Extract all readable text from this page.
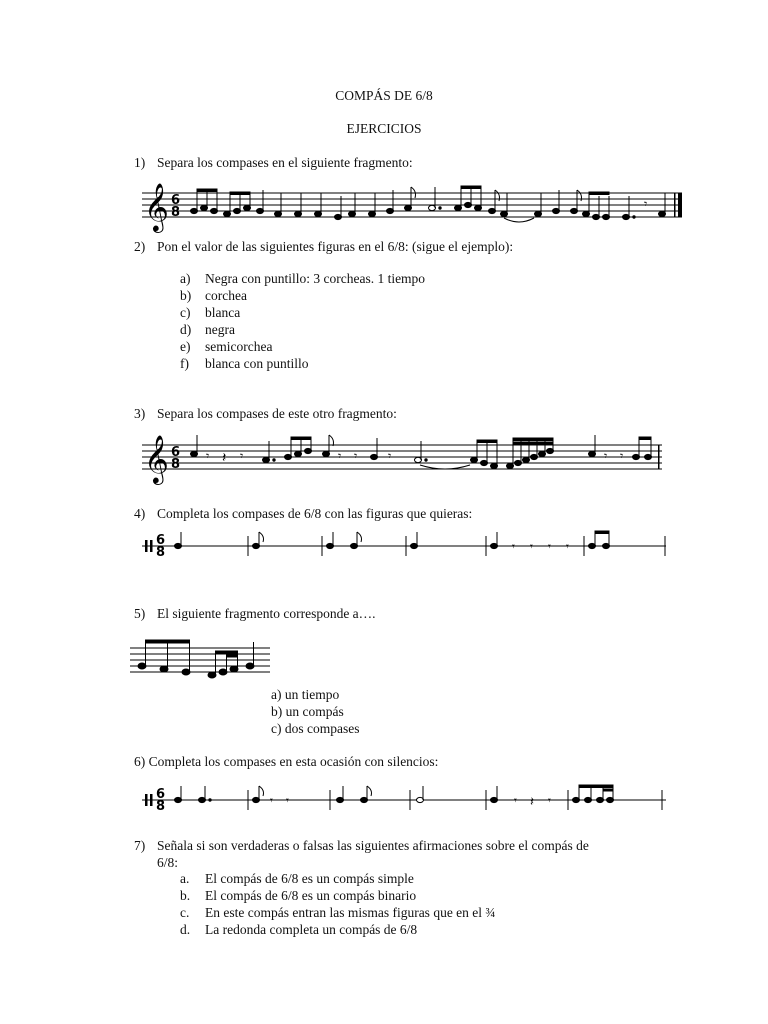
COMPÁS DE 6/8
EJERCICIOS
1) Separa los compases en el siguiente fragmento:
𝄞 6
8
𝄾
2) Pon el valor de las siguientes figuras en el 6/8: (sigue el ejemplo):
a) Negra con puntillo: 3 corcheas. 1 tiempo
b) corchea
c) blanca
d) negra
e) semicorchea
f) blanca con puntillo
3) Separa los compases de este otro fragmento:
𝄞 6
8
𝄾 𝄽 𝄾	𝄾 𝄾	𝄾	𝄾 𝄾
4) Completa los compases de 6/8 con las figuras que quieras:
6
8	𝄾 𝄾 𝄾 𝄾
5) El siguiente fragmento corresponde a….
a) un tiempo
b) un compás
c) dos compases
6) Completa los compases en esta ocasión con silencios:
6
8	𝄾 𝄾	𝄾 𝄽 𝄾
7) Señala si son verdaderas o falsas las siguientes afirmaciones sobre el compás de
6/8:
a. El compás de 6/8 es un compás simple
b. El compás de 6/8 es un compás binario
c. En este compás entran las mismas figuras que en el ¾
d. La redonda completa un compás de 6/8
